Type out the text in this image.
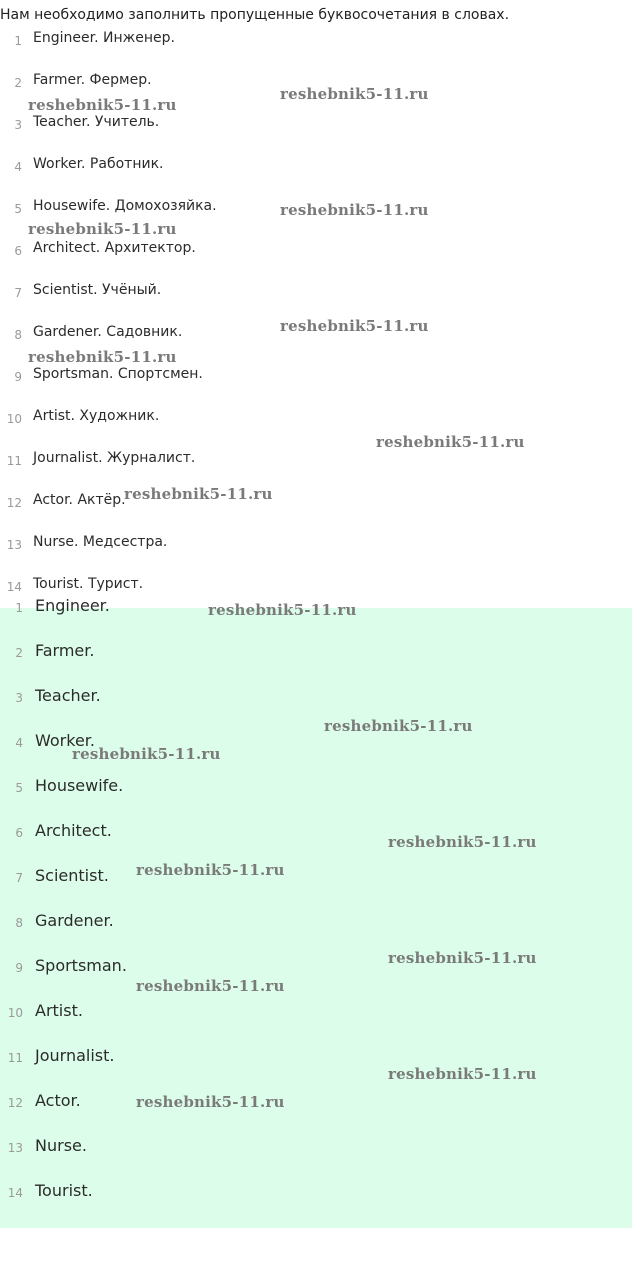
Нам необходимо заполнить пропущенные буквосочетания в словах.

1 Engineer. Инженер.
2 Farmer. Фермер.
3 Teacher. Учитель.
4 Worker. Работник.
5 Housewife. Домохозяйка.
6 Architect. Архитектор.
7 Scientist. Учёный.
8 Gardener. Садовник.
9 Sportsman. Спортсмен.
10 Artist. Художник.
11 Journalist. Журналист.
12 Actor. Актёр.
13 Nurse. Медсестра.
14 Tourist. Турист.
1 Engineer.
2 Farmer.
3 Teacher.
4 Worker.
5 Housewife.
6 Architect.
7 Scientist.
8 Gardener.
9 Sportsman.
10 Artist.
11 Journalist.
12 Actor.
13 Nurse.
14 Tourist.
reshebnik5-11.ru
reshebnik5-11.ru
reshebnik5-11.ru
reshebnik5-11.ru
reshebnik5-11.ru
reshebnik5-11.ru
reshebnik5-11.ru
reshebnik5-11.ru
reshebnik5-11.ru
reshebnik5-11.ru
reshebnik5-11.ru
reshebnik5-11.ru
reshebnik5-11.ru
reshebnik5-11.ru
reshebnik5-11.ru
reshebnik5-11.ru
reshebnik5-11.ru
